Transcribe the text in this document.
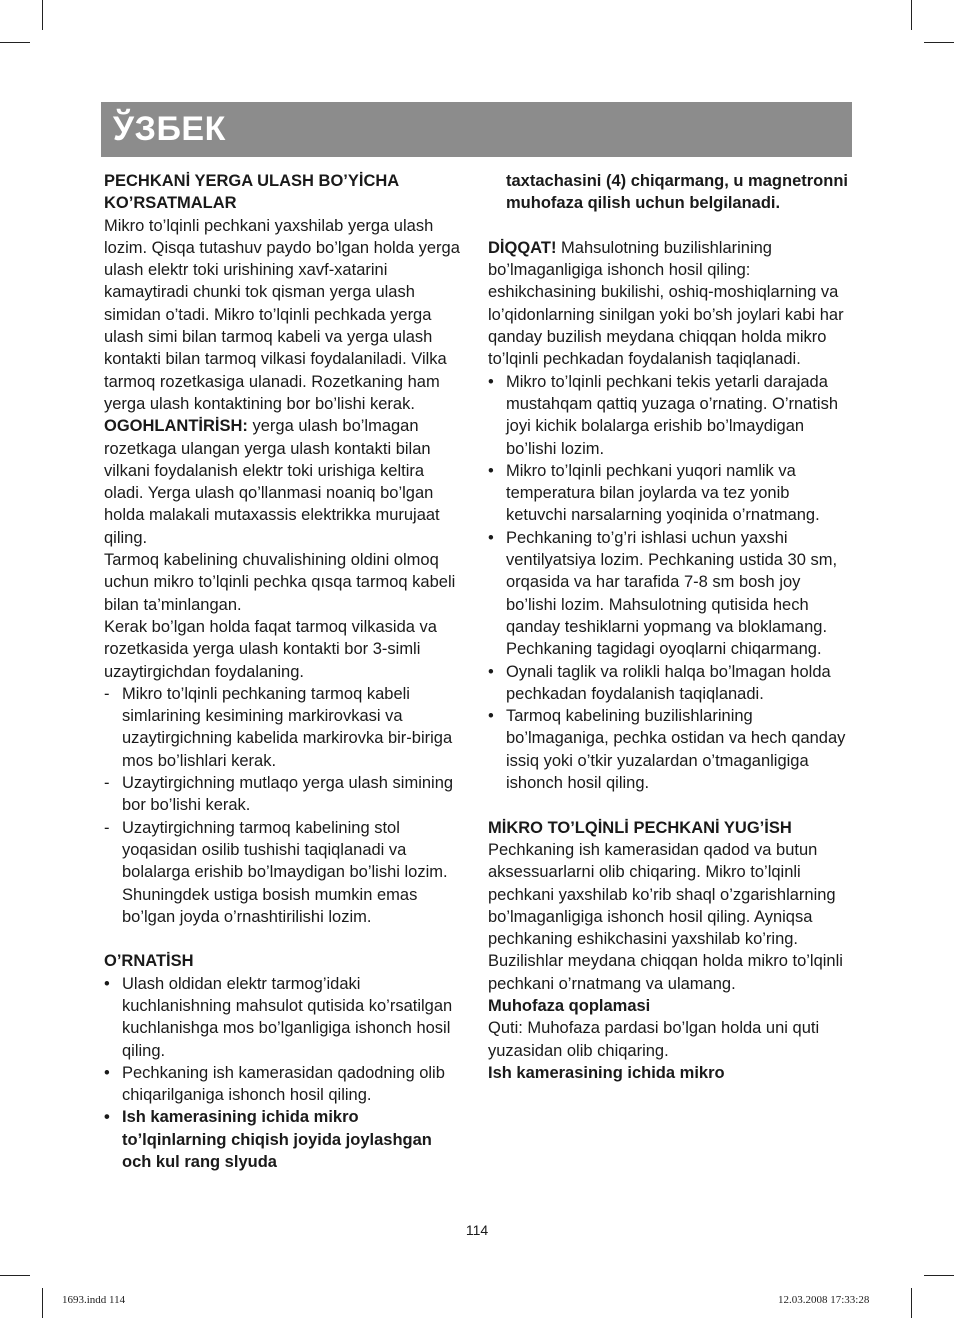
ЎЗБЕК

PECHKANİ YERGA ULASH BO’YİCHA KO’RSATMALAR

Mikro to’lqinli pechkani yaxshilab yerga ulash lozim. Qisqa tutashuv paydo bo’lgan holda yerga ulash elektr toki urishining xavf-xatarini kamaytiradi chunki tok qisman yerga ulash simidan o’tadi. Mikro to’lqinli pechkada yerga ulash simi bilan tarmoq kabeli va yerga ulash kontakti bilan tarmoq vilkasi foydalaniladi. Vilka tarmoq rozetkasiga ulanadi. Rozetkaning ham yerga ulash kontaktining bor bo’lishi kerak.

OGOHLANTİRİSH: yerga ulash bo’lmagan rozetkaga ulangan yerga ulash kontakti bilan vilkani foydalanish elektr toki urishiga keltira oladi. Yerga ulash qo’llanmasi noaniq bo’lgan holda malakali mutaxassis elektrikka murujaat qiling.

Tarmoq kabelining chuvalishining oldini olmoq uchun mikro to’lqinli pechka qısqa tarmoq kabeli bilan ta’minlangan.

Kerak bo’lgan holda faqat tarmoq vilkasida va rozetkasida yerga ulash kontakti bor 3-simli uzaytirgichdan foydalaning.

- Mikro to’lqinli pechkaning tarmoq kabeli simlarining kesimining markirovkasi va uzaytirgichning kabelida markirovka bir-biriga mos bo’lishlari kerak.
- Uzaytirgichning mutlaqo yerga ulash simining bor bo’lishi kerak.
- Uzaytirgichning tarmoq kabelining stol yoqasidan osilib tushishi taqiqlanadi va bolalarga erishib bo’lmaydigan bo’lishi lozim. Shuningdek ustiga bosish mumkin emas bo’lgan joyda o’rnashtirilishi lozim.

O’RNATİSH

• Ulash oldidan elektr tarmog’idaki kuchlanishning mahsulot qutisida ko’rsatilgan kuchlanishga mos bo’lganligiga ishonch hosil qiling.
• Pechkaning ish kamerasidan qadodning olib chiqarilganiga ishonch hosil qiling.
• Ish kamerasining ichida mikro to’lqinlarning chiqish joyida joylashgan och kul rang slyuda

taxtachasini (4) chiqarmang, u magnetronni muhofaza qilish uchun belgilanadi.

DİQQAT! Mahsulotning buzilishlarining bo’lmaganligiga ishonch hosil qiling: eshikchasining bukilishi, oshiq-moshiqlarning va lo’qidonlarning sinilgan yoki bo’sh joylari kabi har qanday buzilish meydana chiqqan holda mikro to’lqinli pechkadan foydalanish taqiqlanadi.

• Mikro to’lqinli pechkani tekis yetarli darajada mustahqam qattiq yuzaga o’rnating. O’rnatish joyi kichik bolalarga erishib bo’lmaydigan bo’lishi lozim.
• Mikro to’lqinli pechkani yuqori namlik va temperatura bilan joylarda va tez yonib ketuvchi narsalarning yoqinida o’rnatmang.
• Pechkaning to’g’ri ishlasi uchun yaxshi ventilyatsiya lozim. Pechkaning ustida 30 sm, orqasida va har tarafida 7-8 sm bosh joy bo’lishi lozim. Mahsulotning qutisida hech qanday teshiklarni yopmang va bloklamang. Pechkaning tagidagi oyoqlarni chiqarmang.
• Oynali taglik va rolikli halqa bo’lmagan holda pechkadan foydalanish taqiqlanadi.
• Tarmoq kabelining buzilishlarining bo’lmaganiga, pechka ostidan va hech qanday issiq yoki o’tkir yuzalardan o’tmaganligiga ishonch hosil qiling.

MİKRO TO’LQİNLİ PECHKANİ YUG’İSH

Pechkaning ish kamerasidan qadod va butun aksessuarlarni olib chiqaring. Mikro to’lqinli pechkani yaxshilab ko’rib shaql o’zgarishlarning bo’lmaganligiga ishonch hosil qiling. Ayniqsa pechkaning eshikchasini yaxshilab ko’ring. Buzilishlar meydana chiqqan holda mikro to’lqinli pechkani o’rnatmang va ulamang.

Muhofaza qoplamasi

Quti: Muhofaza pardasi bo’lgan holda uni quti yuzasidan olib chiqaring.

Ish kamerasining ichida mikro

114
1693.indd 114	12.03.2008 17:33:28
